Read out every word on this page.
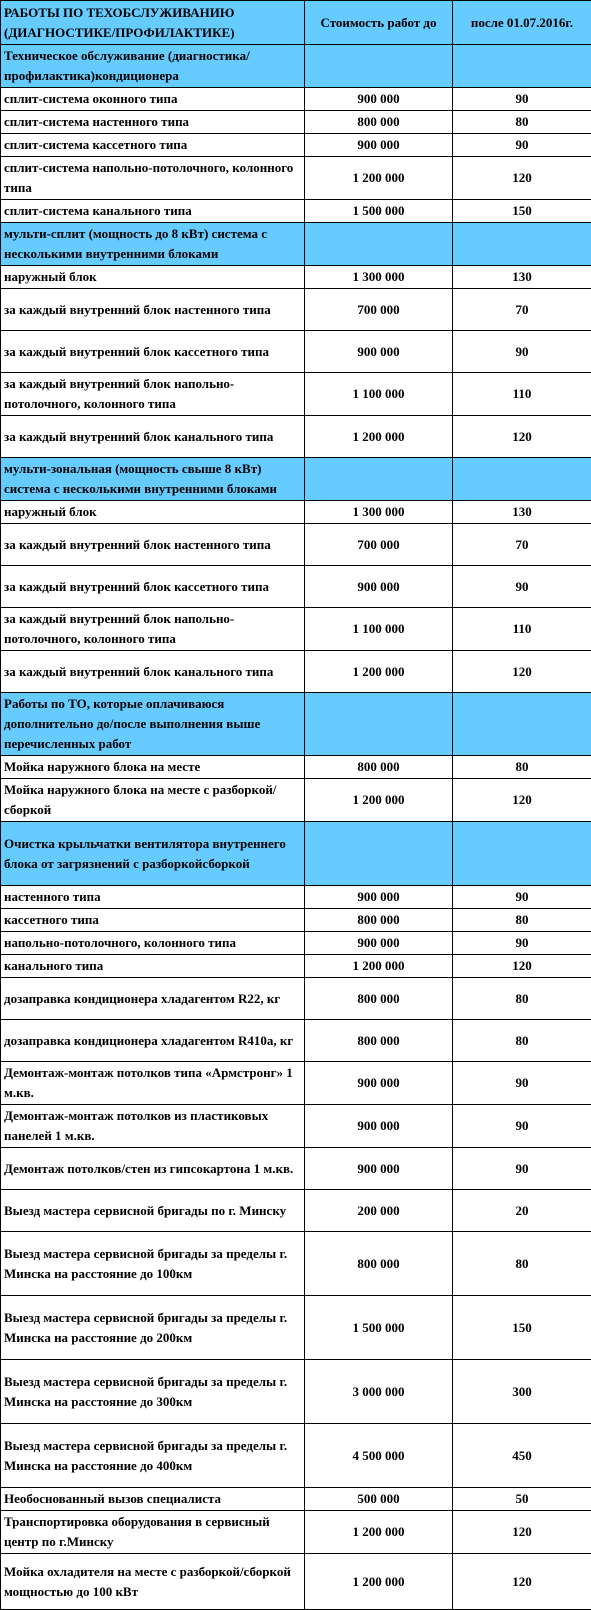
РАБОТЫ ПО ТЕХОБСЛУЖИВАНИЮ (ДИАГНОСТИКЕ/ПРОФИЛАКТИКЕ)	Стоимость работ до	после 01.07.2016г.
Техническое обслуживание (диагностика/профилактика)кондиционера		
сплит-система оконного типа	900 000	90
сплит-система настенного типа	800 000	80
сплит-система кассетного типа	900 000	90
сплит-система напольно-потолочного, колонного типа	1 200 000	120
сплит-система канального типа	1 500 000	150
мульти-сплит (мощность до 8 кВт) система с несколькими внутренними блоками		
наружный блок	1 300 000	130
за каждый внутренний блок настенного типа	700 000	70
за каждый внутренний блок кассетного типа	900 000	90
за каждый внутренний блок напольно-потолочного, колонного типа	1 100 000	110
за каждый внутренний блок канального типа	1 200 000	120
мульти-зональная (мощность свыше 8 кВт) система с несколькими внутренними блоками		
наружный блок	1 300 000	130
за каждый внутренний блок настенного типа	700 000	70
за каждый внутренний блок кассетного типа	900 000	90
за каждый внутренний блок напольно-потолочного, колонного типа	1 100 000	110
за каждый внутренний блок канального типа	1 200 000	120
Работы по ТО, которые оплачиваюся дополнительно до/после выполнения выше перечисленных работ		
Мойка наружного блока на месте	800 000	80
Мойка наружного блока на месте с разборкой/сборкой	1 200 000	120
Очистка крыльчатки вентилятора внутреннего блока от загрязнений с разборкойсборкой		
настенного типа	900 000	90
кассетного типа	800 000	80
напольно-потолочного, колонного типа	900 000	90
канального типа	1 200 000	120
дозаправка кондиционера хладагентом R22, кг	800 000	80
дозаправка кондиционера хладагентом R410a, кг	800 000	80
Демонтаж-монтаж потолков типа «Армстронг» 1 м.кв.	900 000	90
Демонтаж-монтаж потолков из пластиковых панелей 1 м.кв.	900 000	90
Демонтаж потолков/стен из гипсокартона 1 м.кв.	900 000	90
Выезд мастера сервисной бригады по г. Минску	200 000	20
Выезд мастера сервисной бригады за пределы г. Минска на расстояние до 100км	800 000	80
Выезд мастера сервисной бригады за пределы г. Минска на расстояние до 200км	1 500 000	150
Выезд мастера сервисной бригады за пределы г. Минска на расстояние до 300км	3 000 000	300
Выезд мастера сервисной бригады за пределы г. Минска на расстояние до 400км	4 500 000	450
Необоснованный вызов специалиста	500 000	50
Транспортировка оборудования в сервисный центр по г.Минску	1 200 000	120
Мойка охладителя на месте с разборкой/сборкой мощностью до 100 кВт	1 200 000	120
